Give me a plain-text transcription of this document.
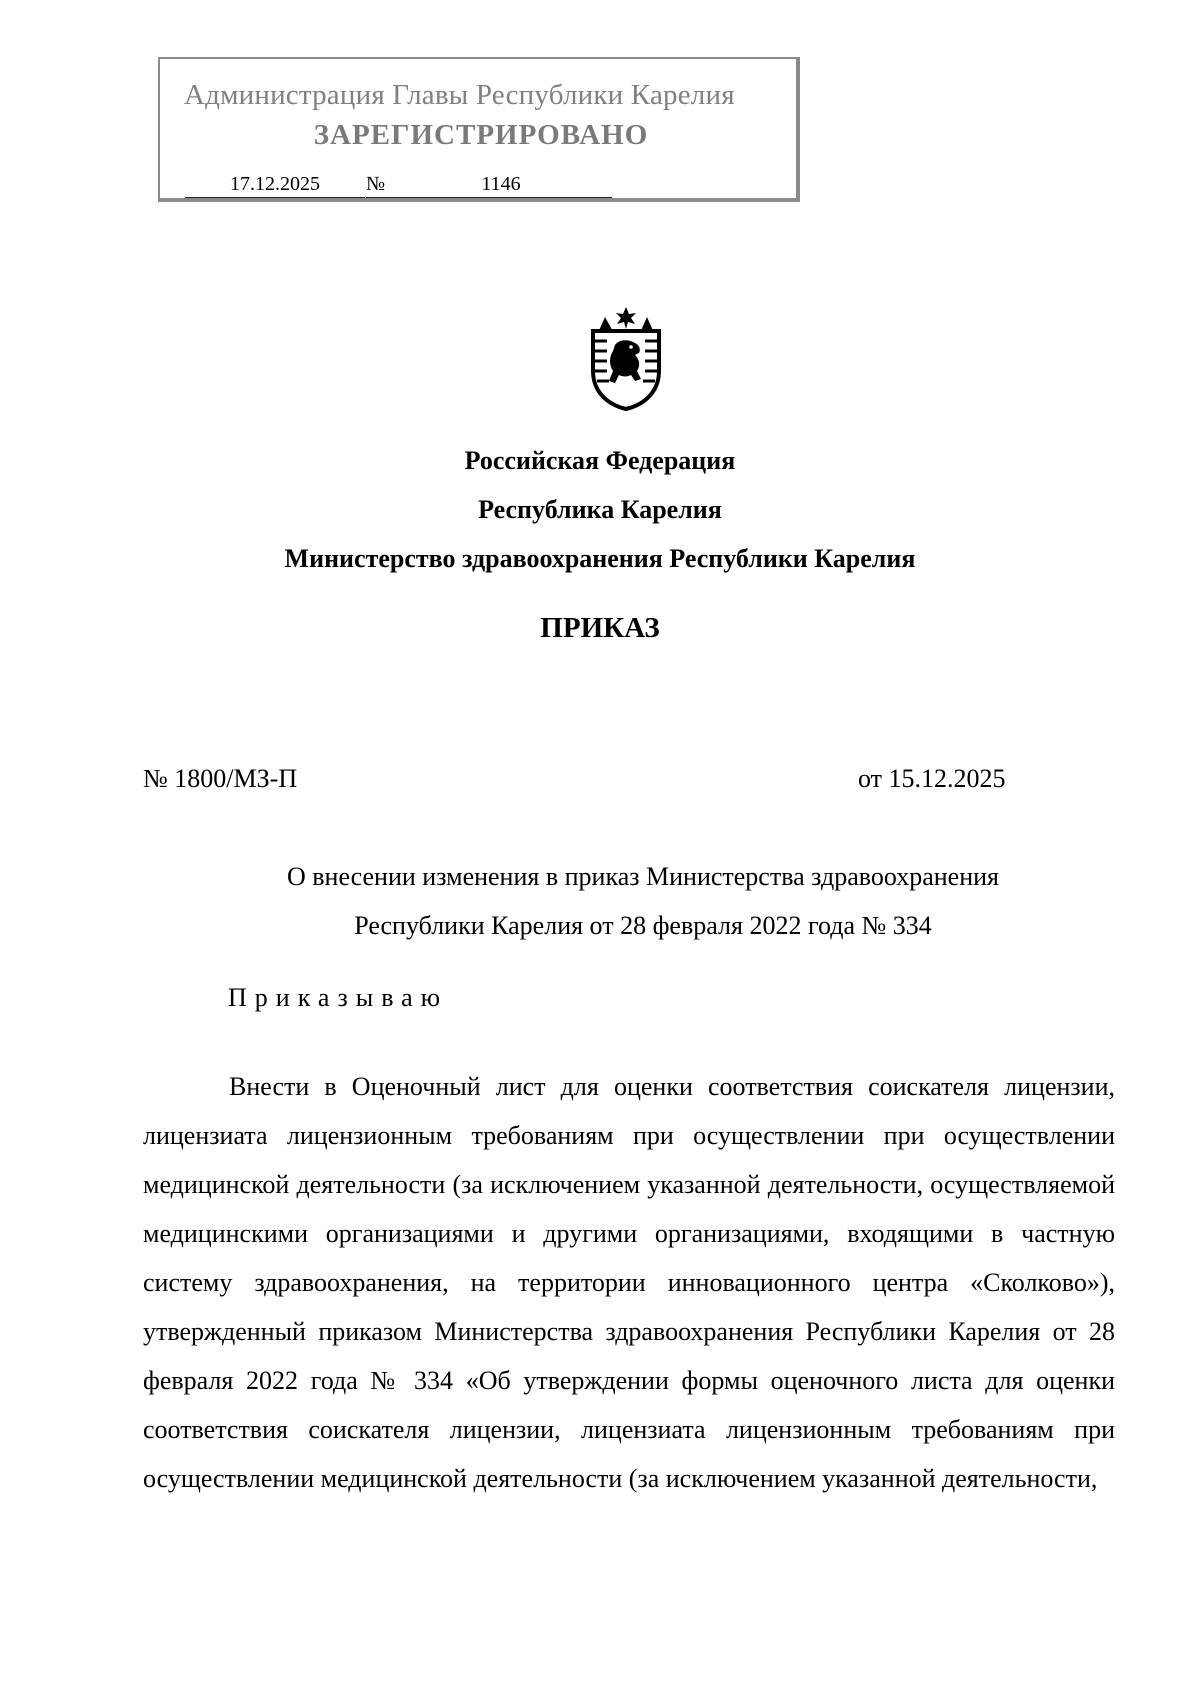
Администрация Главы Республики Карелия
ЗАРЕГИСТРИРОВАНО
17.12.2025	№	1146
Российская Федерация
Республика Карелия
Министерство здравоохранения Республики Карелия
ПРИКАЗ
№ 1800/МЗ-П	от 15.12.2025
О внесении изменения в приказ Министерства здравоохранения
Республики Карелия от 28 февраля 2022 года № 334
Приказываю

Внести в Оценочный лист для оценки соответствия соискателя лицензии, лицензиата лицензионным требованиям при осуществлении при осуществлении медицинской деятельности (за исключением указанной деятельности, осуществляемой медицинскими организациями и другими организациями, входящими в частную систему здравоохранения, на территории инновационного центра «Сколково»), утвержденный приказом Министерства здравоохранения Республики Карелия от 28 февраля 2022 года № 334 «Об утверждении формы оценочного листа для оценки соответствия соискателя лицензии, лицензиата лицензионным требованиям при осуществлении медицинской деятельности (за исключением указанной деятельности,
